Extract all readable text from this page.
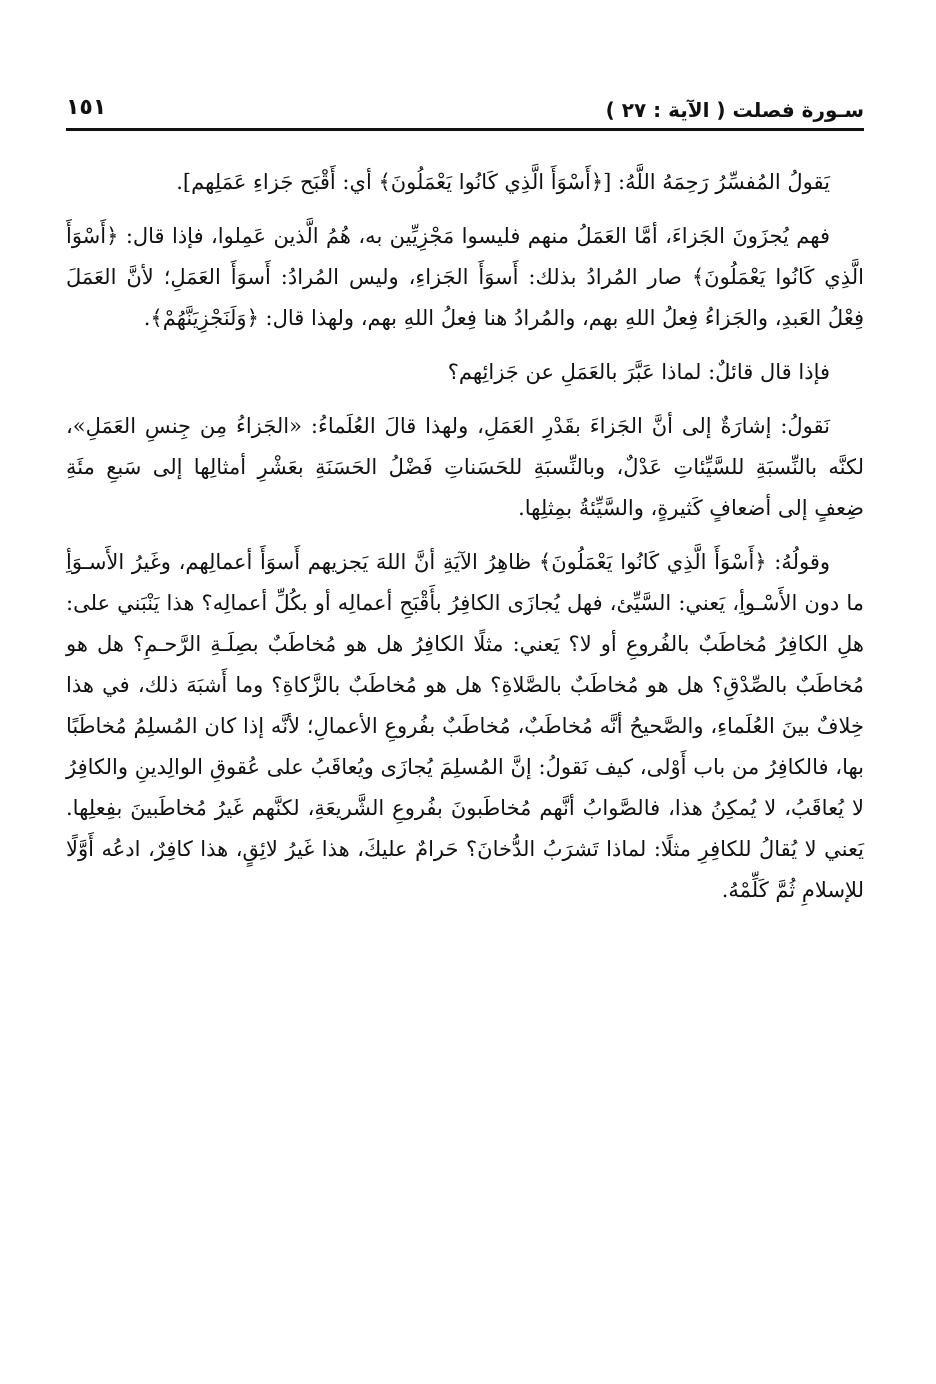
سـورة فصلت ( الآية : ٢٧ )
١٥١

يَقولُ المُفسِّرُ رَحِمَهُ اللَّهُ: [﴿أَسْوَأَ الَّذِي كَانُوا يَعْمَلُونَ﴾ أي: أَقْبَح جَزاءِ عَمَلِهم].

فهم يُجزَونَ الجَزاءَ، أمَّا العَمَلُ منهم فليسوا مَجْزِيِّين به، هُمُ الَّذين عَمِلوا، فإذا قال: ﴿أَسْوَأَ الَّذِي كَانُوا يَعْمَلُونَ﴾ صار المُرادُ بذلك: أَسوَأَ الجَزاءِ، وليس المُرادُ: أَسوَأَ العَمَلِ؛ لأنَّ العَمَلَ فِعْلُ العَبدِ، والجَزاءُ فِعلُ اللهِ بهم، والمُرادُ هنا فِعلُ اللهِ بهم، ولهذا قال: ﴿وَلَنَجْزِيَنَّهُمْ﴾.

فإذا قال قائلٌ: لماذا عَبَّرَ بالعَمَلِ عن جَزائِهم؟

نَقولُ: إشارَةٌ إلى أنَّ الجَزاءَ بقَدْرِ العَمَلِ، ولهذا قالَ العُلَماءُ: «الجَزاءُ مِن جِنسِ العَمَلِ»، لكنَّه بالنِّسبَةِ للسَّيِّئاتِ عَدْلٌ، وبالنِّسبَةِ للحَسَناتِ فَضْلُ الحَسَنَةِ بعَشْرِ أمثالِها إلى سَبعِ مئَةِ ضِعفٍ إلى أضعافٍ كَثيرةٍ، والسَّيِّئةُ بمِثلِها.

وقولُهُ: ﴿أَسْوَأَ الَّذِي كَانُوا يَعْمَلُونَ﴾ ظاهِرُ الآيَةِ أنَّ اللهَ يَجزيهم أَسوَأَ أعمالِهم، وغَيرُ الأَسـوَأِ ما دون الأَسْـوأِ، يَعني: السَّيِّئ، فهل يُجازَى الكافِرُ بأَقْبَحِ أعمالِه أو بكُلِّ أعمالِه؟ هذا يَنْبَني على: هلِ الكافِرُ مُخاطَبٌ بالفُروعِ أو لا؟ يَعني: مثلًا الكافِرُ هل هو مُخاطَبٌ بصِلَـةِ الرَّحـمِ؟ هل هو مُخاطَبٌ بالصِّدْقِ؟ هل هو مُخاطَبٌ بالصَّلاةِ؟ هل هو مُخاطَبٌ بالزَّكاةِ؟ وما أَشبَهَ ذلك، في هذا خِلافٌ بينَ العُلَماءِ، والصَّحيحُ أنَّه مُخاطَبٌ، مُخاطَبٌ بفُروعِ الأعمالِ؛ لأنَّه إذا كان المُسلِمُ مُخاطَبًا بها، فالكافِرُ من باب أَوْلى، كيف نَقولُ: إنَّ المُسلِمَ يُجازَى ويُعاقَبُ على عُقوقِ الوالِدينِ والكافِرُ لا يُعاقَبُ، لا يُمكِنُ هذا، فالصَّوابُ أنَّهم مُخاطَبونَ بفُروعِ الشَّريعَةِ، لكنَّهم غَيرُ مُخاطَبينَ بفِعلِها. يَعني لا يُقالُ للكافِرِ مثلًا: لماذا تَشرَبُ الدُّخانَ؟ حَرامٌ عليكَ، هذا غَيرُ لائِقٍ، هذا كافِرٌ، ادعُه أَوَّلًا للإسلامِ ثُمَّ كَلِّمْهُ.
